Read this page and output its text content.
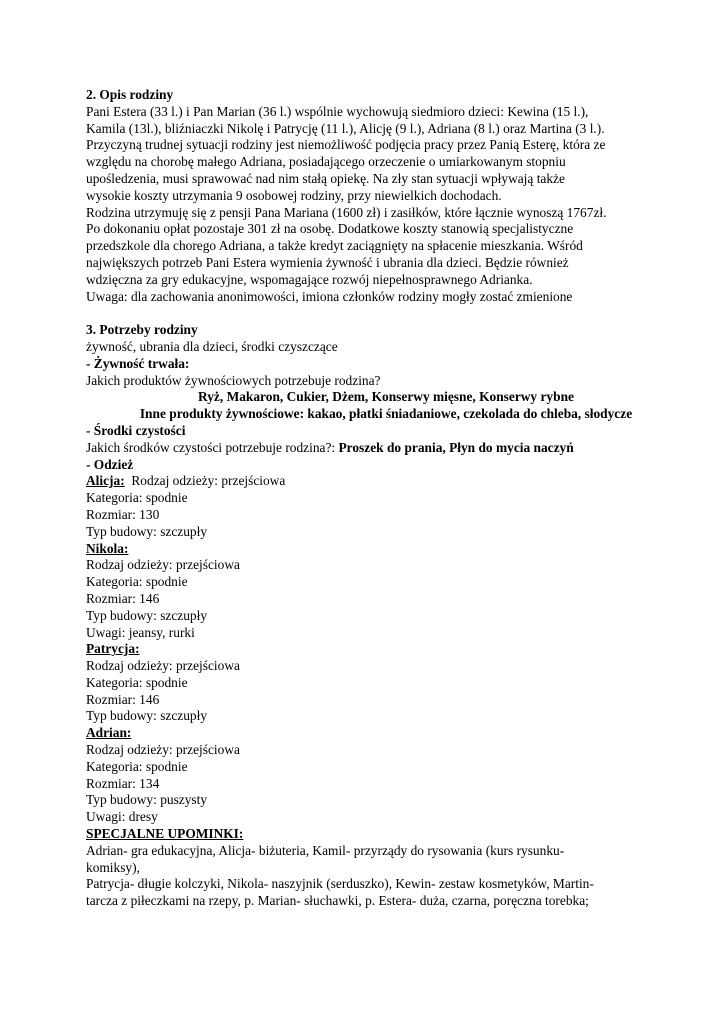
2. Opis rodziny
Pani Estera (33 l.) i Pan Marian (36 l.) wspólnie wychowują siedmioro dzieci: Kewina (15 l.),
Kamila (13l.), bliźniaczki Nikolę i Patrycję (11 l.), Alicję (9 l.), Adriana (8 l.) oraz Martina (3 l.).
Przyczyną trudnej sytuacji rodziny jest niemożliwość podjęcia pracy przez Panią Esterę, która ze
względu na chorobę małego Adriana, posiadającego orzeczenie o umiarkowanym stopniu
upośledzenia, musi sprawować nad nim stałą opiekę. Na zły stan sytuacji wpływają także
wysokie koszty utrzymania 9 osobowej rodziny, przy niewielkich dochodach.
Rodzina utrzymuję się z pensji Pana Mariana (1600 zł) i zasiłków, które łącznie wynoszą 1767zł.
Po dokonaniu opłat pozostaje 301 zł na osobę. Dodatkowe koszty stanowią specjalistyczne
przedszkole dla chorego Adriana, a także kredyt zaciągnięty na spłacenie mieszkania. Wśród
największych potrzeb Pani Estera wymienia żywność i ubrania dla dzieci. Będzie również
wdzięczna za gry edukacyjne, wspomagające rozwój niepełnosprawnego Adrianka.
Uwaga: dla zachowania anonimowości, imiona członków rodziny mogły zostać zmienione
3. Potrzeby rodziny
żywność, ubrania dla dzieci, środki czyszczące
- Żywność trwała:
Jakich produktów żywnościowych potrzebuje rodzina?
Ryż, Makaron, Cukier, Dżem, Konserwy mięsne, Konserwy rybne
Inne produkty żywnościowe: kakao, płatki śniadaniowe, czekolada do chleba, słodycze
- Środki czystości
Jakich środków czystości potrzebuje rodzina?: Proszek do prania, Płyn do mycia naczyń
- Odzież
Alicja:  Rodzaj odzieży: przejściowa
Kategoria: spodnie
Rozmiar: 130
Typ budowy: szczupły
Nikola:
Rodzaj odzieży: przejściowa
Kategoria: spodnie
Rozmiar: 146
Typ budowy: szczupły
Uwagi: jeansy, rurki
Patrycja:
Rodzaj odzieży: przejściowa
Kategoria: spodnie
Rozmiar: 146
Typ budowy: szczupły
Adrian:
Rodzaj odzieży: przejściowa
Kategoria: spodnie
Rozmiar: 134
Typ budowy: puszysty
Uwagi: dresy
SPECJALNE UPOMINKI:
Adrian- gra edukacyjna, Alicja- biżuteria, Kamil- przyrządy do rysowania (kurs rysunku-
komiksy),
Patrycja- długie kolczyki, Nikola- naszyjnik (serduszko), Kewin- zestaw kosmetyków, Martin-
tarcza z piłeczkami na rzepy, p. Marian- słuchawki, p. Estera- duża, czarna, poręczna torebka;
